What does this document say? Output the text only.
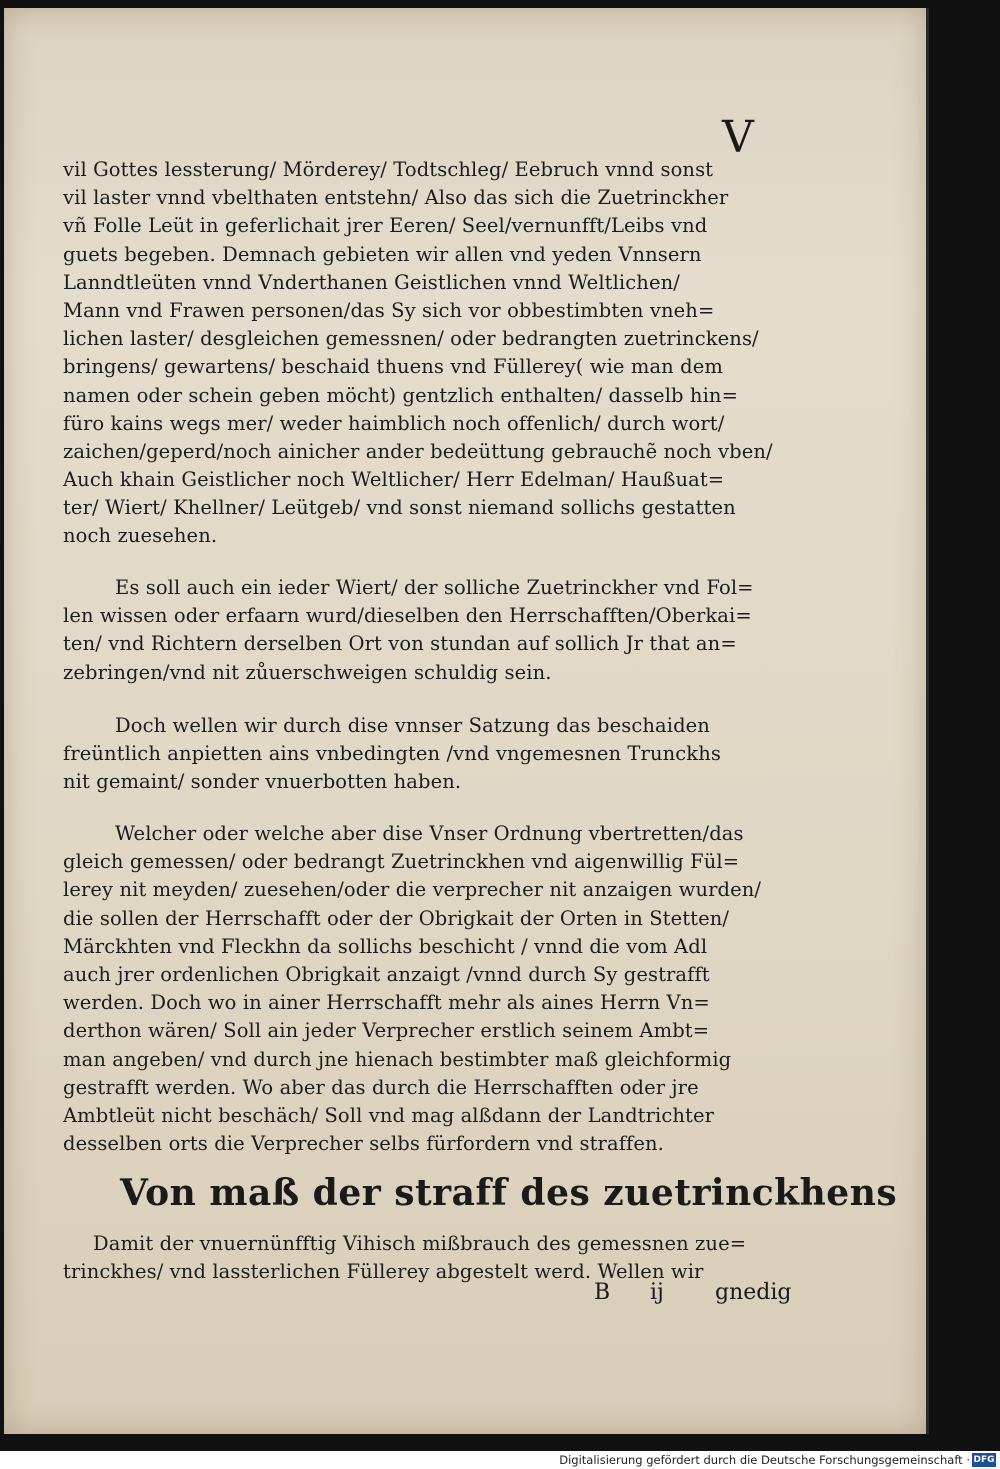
V
vil Gottes lessterung/ Mörderey/ Todtschleg/ Eebruch vnnd sonst
vil laster vnnd vbelthaten entstehn/ Also das sich die Zuetrinckher
vñ Folle Leüt in geferlichait jrer Eeren/ Seel/vernunfft/Leibs vnd
guets begeben. Demnach gebieten wir allen vnd yeden Vnnsern
Lanndtleüten vnnd Vnderthanen Geistlichen vnnd Weltlichen/
Mann vnd Frawen personen/das Sy sich vor obbestimbten vneh=
lichen laster/ desgleichen gemessnen/ oder bedrangten zuetrinckens/
bringens/ gewartens/ beschaid thuens vnd Füllerey( wie man dem
namen oder schein geben möcht) gentzlich enthalten/ dasselb hin=
füro kains wegs mer/ weder haimblich noch offenlich/ durch wort/
zaichen/geperd/noch ainicher ander bedeüttung gebrauchẽ noch vben/
Auch khain Geistlicher noch Weltlicher/ Herr Edelman/ Haußuat=
ter/ Wiert/ Khellner/ Leütgeb/ vnd sonst niemand sollichs gestatten
noch zuesehen.
Es soll auch ein ieder Wiert/ der solliche Zuetrinckher vnd Fol=
len wissen oder erfaarn wurd/dieselben den Herrschafften/Oberkai=
ten/ vnd Richtern derselben Ort von stundan auf sollich Jr that an=
zebringen/vnd nit zůuerschweigen schuldig sein.
Doch wellen wir durch dise vnnser Satzung das beschaiden
freüntlich anpietten ains vnbedingten /vnd vngemesnen Trunckhs
nit gemaint/ sonder vnuerbotten haben.
Welcher oder welche aber dise Vnser Ordnung vbertretten/das
gleich gemessen/ oder bedrangt Zuetrinckhen vnd aigenwillig Fül=
lerey nit meyden/ zuesehen/oder die verprecher nit anzaigen wurden/
die sollen der Herrschafft oder der Obrigkait der Orten in Stetten/
Märckhten vnd Fleckhn da sollichs beschicht / vnnd die vom Adl
auch jrer ordenlichen Obrigkait anzaigt /vnnd durch Sy gestrafft
werden. Doch wo in ainer Herrschafft mehr als aines Herrn Vn=
derthon wären/ Soll ain jeder Verprecher erstlich seinem Ambt=
man angeben/ vnd durch jne hienach bestimbter maß gleichformig
gestrafft werden. Wo aber das durch die Herrschafften oder jre
Ambtleüt nicht beschäch/ Soll vnd mag alßdann der Landtrichter
desselben orts die Verprecher selbs fürfordern vnd straffen.
Von maß der straff des zuetrinckhens
Damit der vnuernünfftig Vihisch mißbrauch des gemessnen zue=
trinckhes/ vnd lassterlichen Füllerey abgestelt werd. Wellen wir
B ij gnedig
Digitalisierung gefördert durch die Deutsche Forschungsgemeinschaft · DFG
